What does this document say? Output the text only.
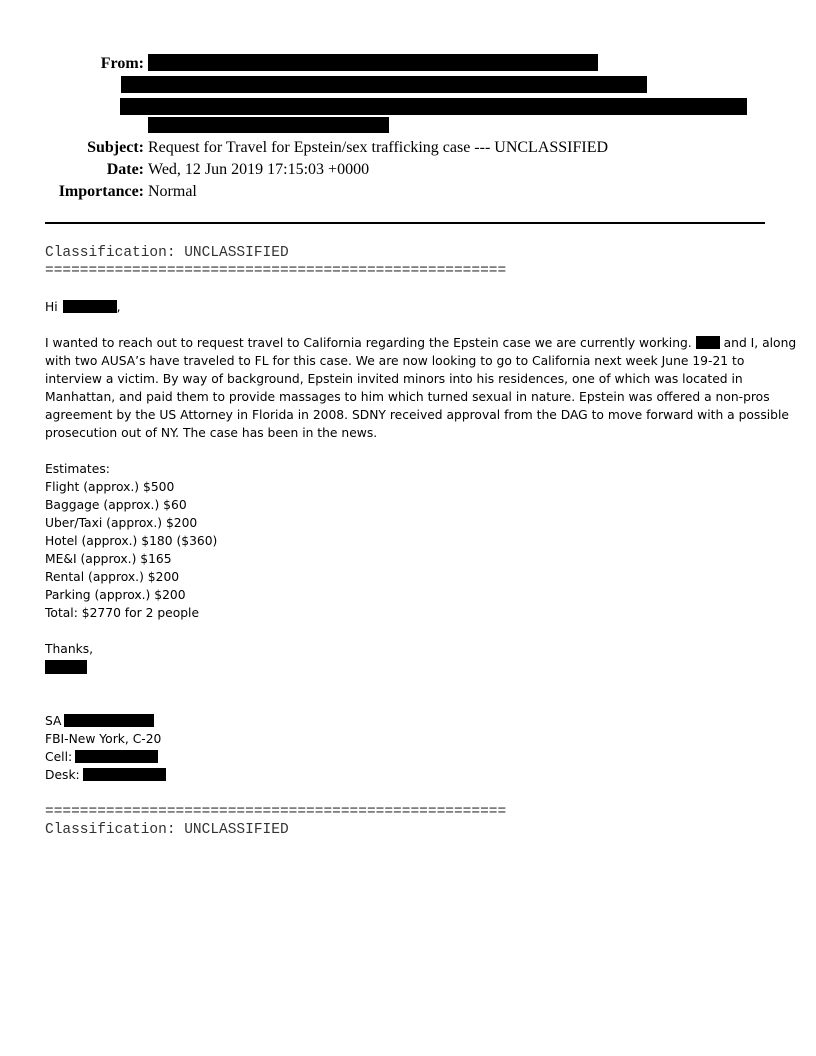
From:
Subject: Request for Travel for Epstein/sex trafficking case --- UNCLASSIFIED
Date: Wed, 12 Jun 2019 17:15:03 +0000
Importance: Normal
Classification: UNCLASSIFIED
=====================================================
Hi	,
I wanted to reach out to request travel to California regarding the Epstein case we are currently working. and I, along
with two AUSA’s have traveled to FL for this case. We are now looking to go to California next week June 19-21 to
interview a victim. By way of background, Epstein invited minors into his residences, one of which was located in
Manhattan, and paid them to provide massages to him which turned sexual in nature. Epstein was offered a non-pros
agreement by the US Attorney in Florida in 2008. SDNY received approval from the DAG to move forward with a possible
prosecution out of NY. The case has been in the news.
Estimates:
Flight (approx.) $500
Baggage (approx.) $60
Uber/Taxi (approx.) $200
Hotel (approx.) $180 ($360)
ME&I (approx.) $165
Rental (approx.) $200
Parking (approx.) $200
Total: $2770 for 2 people
Thanks,
SA
FBI-New York, C-20
Cell:
Desk:
=====================================================
Classification: UNCLASSIFIED
